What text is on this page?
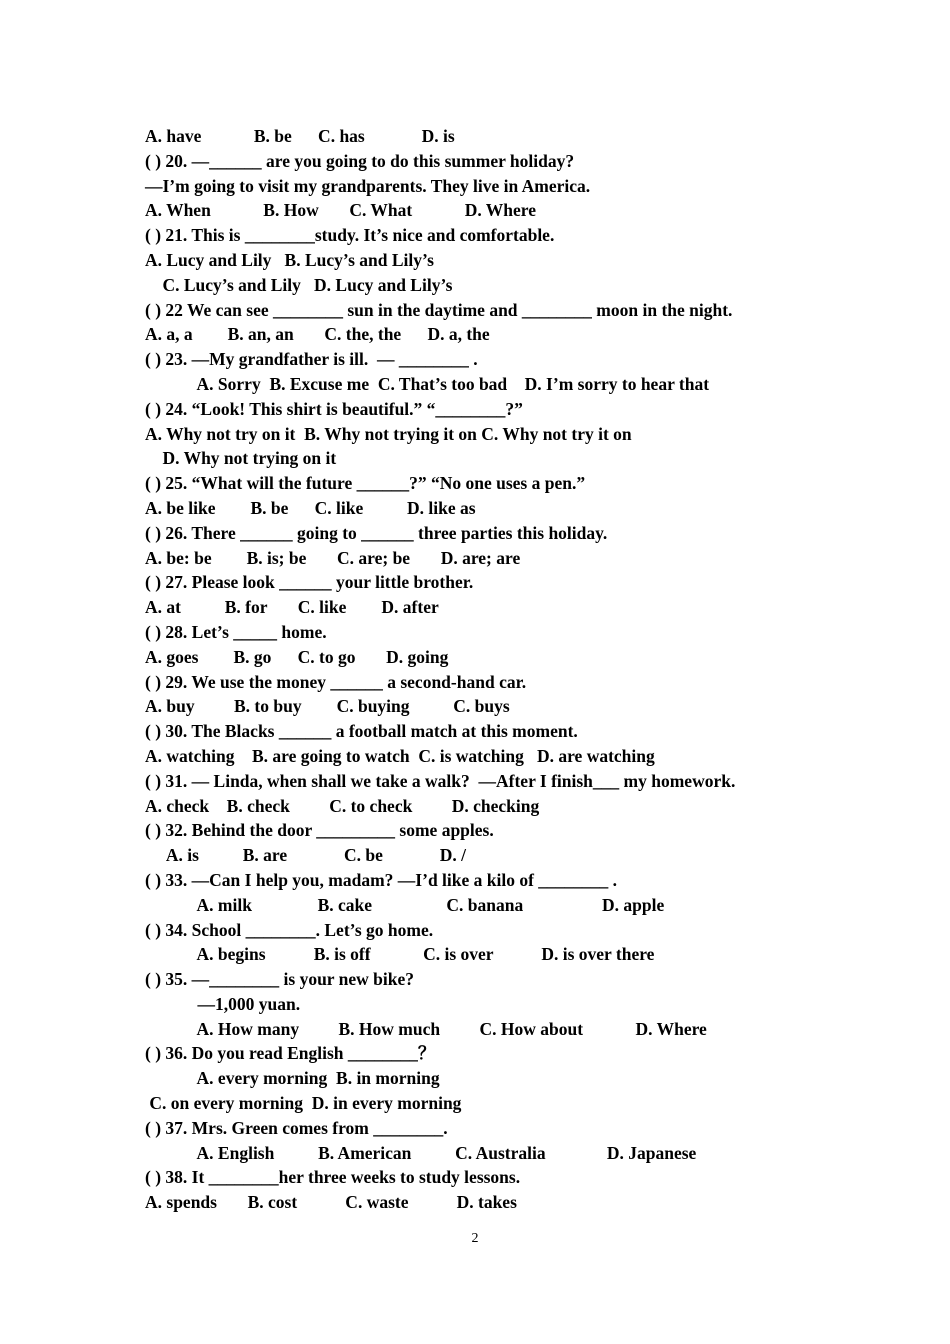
A. have            B. be      C. has             D. is
( ) 20. —______ are you going to do this summer holiday?
—I’m going to visit my grandparents. They live in America.
A. When            B. How       C. What            D. Where
( ) 21. This is ________study. It’s nice and comfortable.
A. Lucy and Lily   B. Lucy’s and Lily’s
C. Lucy’s and Lily   D. Lucy and Lily’s
( ) 22 We can see ________ sun in the daytime and ________ moon in the night.
A. a, a        B. an, an       C. the, the      D. a, the
( ) 23. —My grandfather is ill.  — ________ .
A. Sorry  B. Excuse me  C. That’s too bad    D. I’m sorry to hear that
( ) 24. “Look! This shirt is beautiful.” “________?”
A. Why not try on it  B. Why not trying it on C. Why not try it on
D. Why not trying on it
( ) 25. “What will the future ______?” “No one uses a pen.”
A. be like        B. be      C. like          D. like as
( ) 26. There ______ going to ______ three parties this holiday.
A. be: be        B. is; be       C. are; be       D. are; are
( ) 27. Please look ______ your little brother.
A. at          B. for       C. like        D. after
( ) 28. Let’s _____ home.
A. goes        B. go      C. to go       D. going
( ) 29. We use the money ______ a second-hand car.
A. buy         B. to buy        C. buying          C. buys
( ) 30. The Blacks ______ a football match at this moment.
A. watching    B. are going to watch  C. is watching   D. are watching
( ) 31. — Linda, when shall we take a walk?  —After I finish___ my homework.
A. check    B. check         C. to check         D. checking
( ) 32. Behind the door _________ some apples.
A. is          B. are             C. be             D. /
( ) 33. —Can I help you, madam? —I’d like a kilo of ________ .
A. milk               B. cake                 C. banana                  D. apple
( ) 34. School ________. Let’s go home.
A. begins           B. is off            C. is over           D. is over there
( ) 35. —________ is your new bike?
—1,000 yuan.
A. How many         B. How much         C. How about            D. Where
( ) 36. Do you read English ________？
A. every morning  B. in morning
C. on every morning  D. in every morning
( ) 37. Mrs. Green comes from ________.
A. English          B. American          C. Australia              D. Japanese
( ) 38. It ________her three weeks to study lessons.
A. spends       B. cost           C. waste           D. takes
2
